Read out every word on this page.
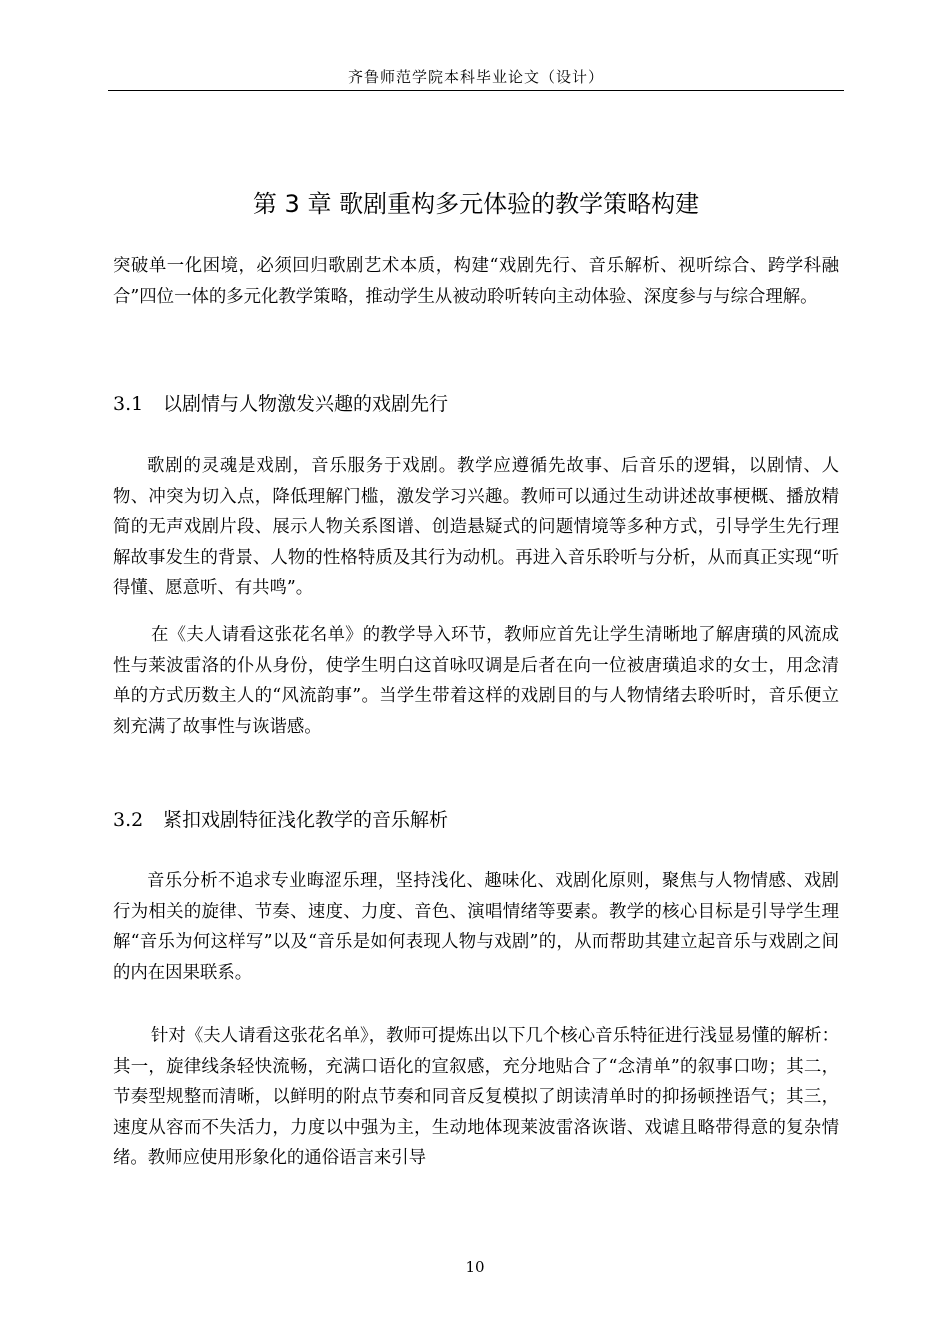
齐鲁师范学院本科毕业论文（设计）
第 3 章 歌剧重构多元体验的教学策略构建

突破单一化困境，必须回归歌剧艺术本质，构建“戏剧先行、音乐解析、视听综合、跨学科融合”四位一体的多元化教学策略，推动学生从被动聆听转向主动体验、深度参与与综合理解。

3.1 以剧情与人物激发兴趣的戏剧先行

歌剧的灵魂是戏剧，音乐服务于戏剧。教学应遵循先故事、后音乐的逻辑，以剧情、人物、冲突为切入点，降低理解门槛，激发学习兴趣。教师可以通过生动讲述故事梗概、播放精简的无声戏剧片段、展示人物关系图谱、创造悬疑式的问题情境等多种方式，引导学生先行理解故事发生的背景、人物的性格特质及其行为动机。再进入音乐聆听与分析，从而真正实现“听得懂、愿意听、有共鸣”。

在《夫人请看这张花名单》的教学导入环节，教师应首先让学生清晰地了解唐璜的风流成性与莱波雷洛的仆从身份，使学生明白这首咏叹调是后者在向一位被唐璜追求的女士，用念清单的方式历数主人的“风流韵事”。当学生带着这样的戏剧目的与人物情绪去聆听时，音乐便立刻充满了故事性与诙谐感。

3.2 紧扣戏剧特征浅化教学的音乐解析

音乐分析不追求专业晦涩乐理，坚持浅化、趣味化、戏剧化原则，聚焦与人物情感、戏剧行为相关的旋律、节奏、速度、力度、音色、演唱情绪等要素。教学的核心目标是引导学生理解“音乐为何这样写”以及“音乐是如何表现人物与戏剧”的，从而帮助其建立起音乐与戏剧之间的内在因果联系。

针对《夫人请看这张花名单》，教师可提炼出以下几个核心音乐特征进行浅显易懂的解析：其一，旋律线条轻快流畅，充满口语化的宣叙感，充分地贴合了“念清单”的叙事口吻；其二，节奏型规整而清晰，以鲜明的附点节奏和同音反复模拟了朗读清单时的抑扬顿挫语气；其三，速度从容而不失活力，力度以中强为主，生动地体现莱波雷洛诙谐、戏谑且略带得意的复杂情绪。教师应使用形象化的通俗语言来引导

10
